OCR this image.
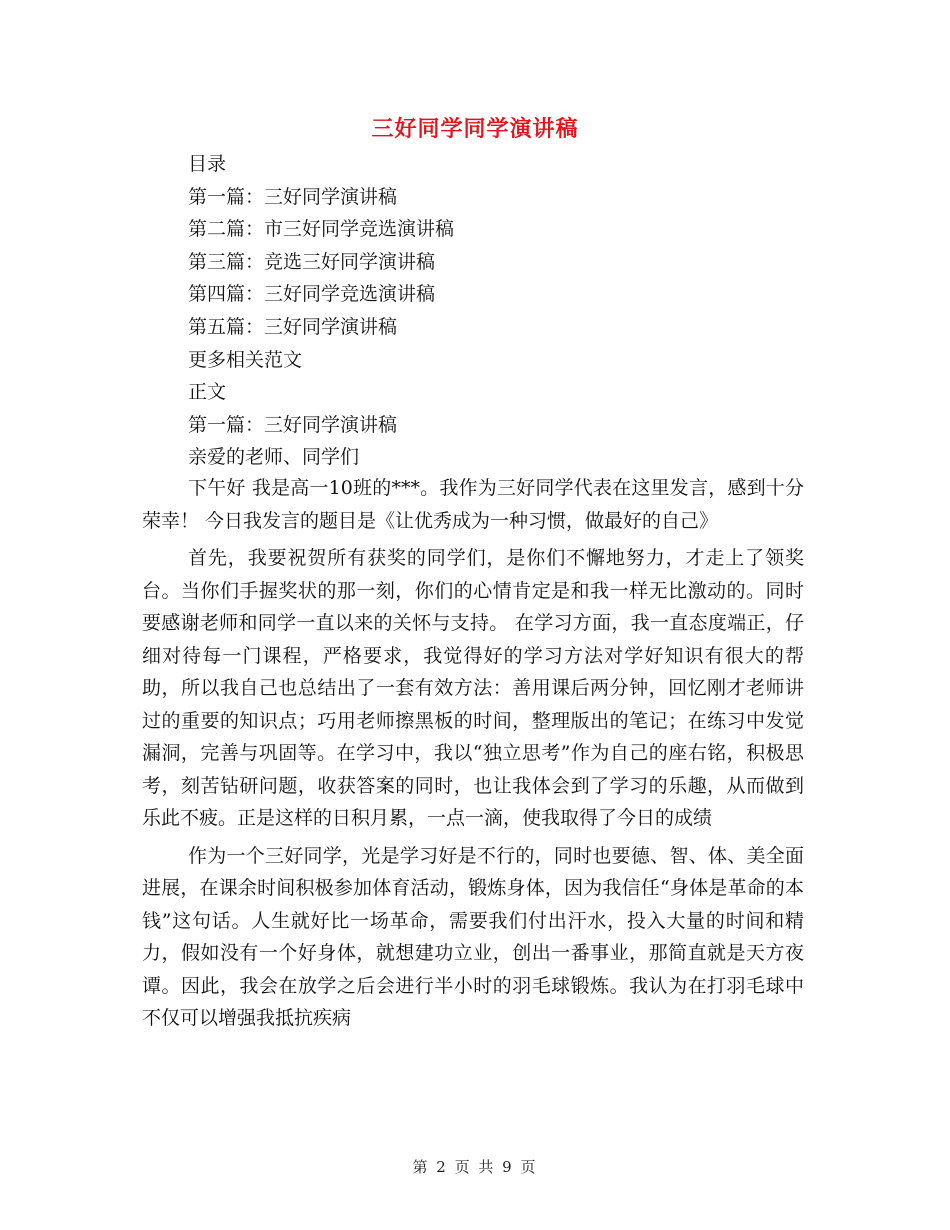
三好同学同学演讲稿
目录
第一篇：三好同学演讲稿
第二篇：市三好同学竞选演讲稿
第三篇：竞选三好同学演讲稿
第四篇：三好同学竞选演讲稿
第五篇：三好同学演讲稿
更多相关范文
正文
第一篇：三好同学演讲稿
亲爱的老师、同学们

下午好 我是高一10班的***。我作为三好同学代表在这里发言，感到十分荣幸！ 今日我发言的题目是《让优秀成为一种习惯，做最好的自己》

首先，我要祝贺所有获奖的同学们，是你们不懈地努力，才走上了领奖台。当你们手握奖状的那一刻，你们的心情肯定是和我一样无比激动的。同时要感谢老师和同学一直以来的关怀与支持。 在学习方面，我一直态度端正，仔细对待每一门课程，严格要求，我觉得好的学习方法对学好知识有很大的帮助，所以我自己也总结出了一套有效方法：善用课后两分钟，回忆刚才老师讲过的重要的知识点；巧用老师擦黑板的时间，整理版出的笔记；在练习中发觉漏洞，完善与巩固等。在学习中，我以“独立思考”作为自己的座右铭，积极思考，刻苦钻研问题，收获答案的同时，也让我体会到了学习的乐趣，从而做到乐此不疲。正是这样的日积月累，一点一滴，使我取得了今日的成绩

作为一个三好同学，光是学习好是不行的，同时也要德、智、体、美全面进展，在课余时间积极参加体育活动，锻炼身体，因为我信任“身体是革命的本钱”这句话。人生就好比一场革命，需要我们付出汗水，投入大量的时间和精力，假如没有一个好身体，就想建功立业，创出一番事业，那简直就是天方夜谭。因此，我会在放学之后会进行半小时的羽毛球锻炼。我认为在打羽毛球中不仅可以增强我抵抗疾病

第 2 页 共 9 页
